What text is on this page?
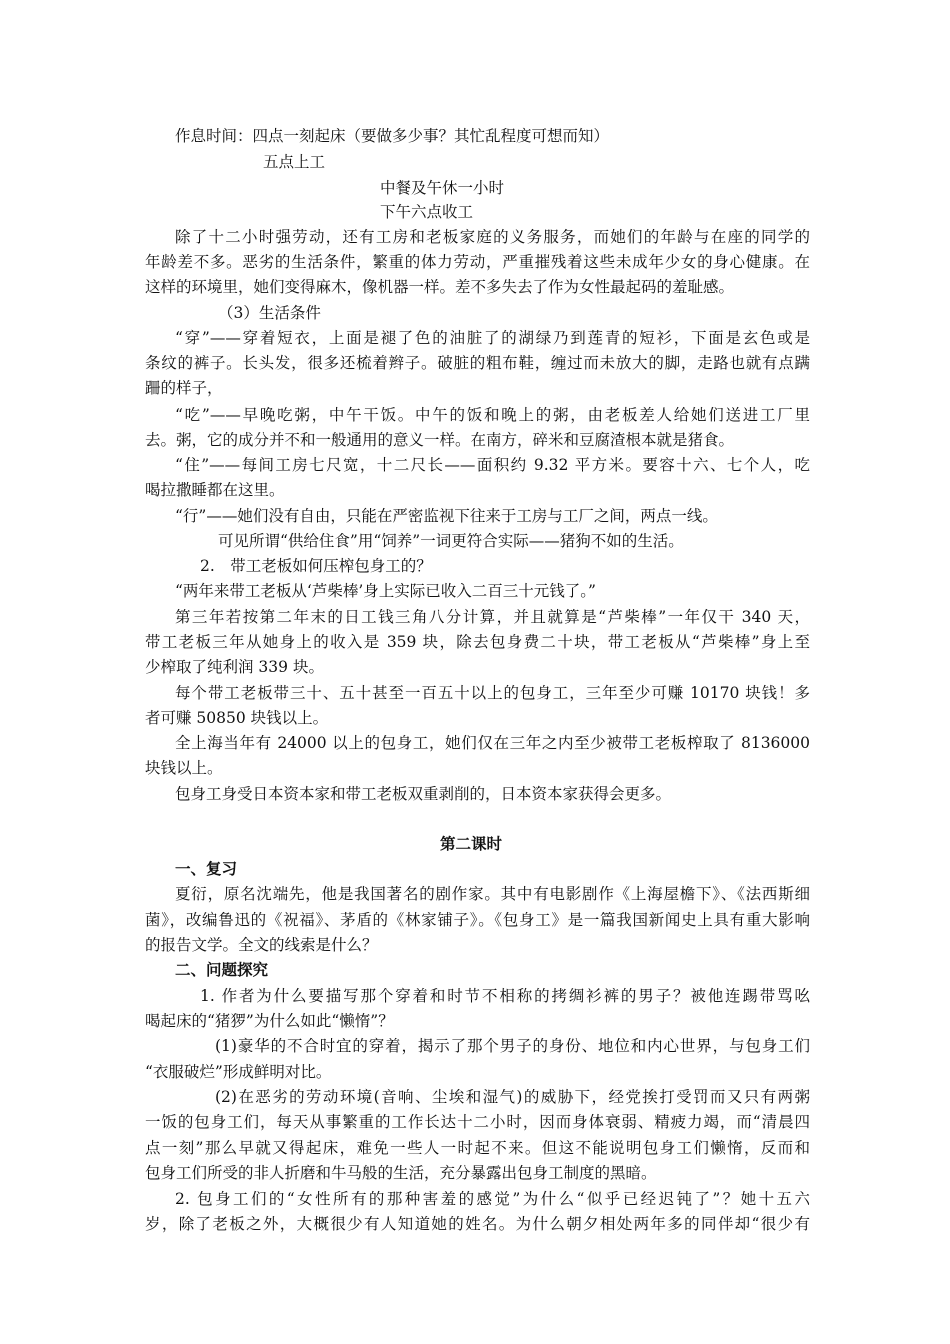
作息时间：四点一刻起床（要做多少事？其忙乱程度可想而知）
五点上工
中餐及午休一小时
下午六点收工
除了十二小时强劳动，还有工房和老板家庭的义务服务，而她们的年龄与在座的同学的
年龄差不多。恶劣的生活条件，繁重的体力劳动，严重摧残着这些未成年少女的身心健康。在
这样的环境里，她们变得麻木，像机器一样。差不多失去了作为女性最起码的羞耻感。
（3）生活条件
“穿”——穿着短衣，上面是褪了色的油脏了的湖绿乃到莲青的短衫，下面是玄色或是
条纹的裤子。长头发，很多还梳着辫子。破脏的粗布鞋，缠过而未放大的脚，走路也就有点蹒
跚的样子，
“吃”——早晚吃粥，中午干饭。中午的饭和晚上的粥，由老板差人给她们送进工厂里
去。粥，它的成分并不和一般通用的意义一样。在南方，碎米和豆腐渣根本就是猪食。
“住”——每间工房七尺宽，十二尺长——面积约 9.32 平方米。要容十六、七个人，吃
喝拉撒睡都在这里。
“行”——她们没有自由，只能在严密监视下往来于工房与工厂之间，两点一线。
可见所谓“供给住食”用“饲养”一词更符合实际——猪狗不如的生活。
2.　带工老板如何压榨包身工的？
“两年来带工老板从‘芦柴棒’身上实际已收入二百三十元钱了。”
第三年若按第二年末的日工钱三角八分计算，并且就算是“芦柴棒”一年仅干 340 天，
带工老板三年从她身上的收入是 359 块，除去包身费二十块，带工老板从“芦柴棒”身上至
少榨取了纯利润 339 块。
每个带工老板带三十、五十甚至一百五十以上的包身工，三年至少可赚 10170 块钱！多
者可赚 50850 块钱以上。
全上海当年有 24000 以上的包身工，她们仅在三年之内至少被带工老板榨取了 8136000
块钱以上。
包身工身受日本资本家和带工老板双重剥削的，日本资本家获得会更多。
第二课时
一、复习
夏衍，原名沈端先，他是我国著名的剧作家。其中有电影剧作《上海屋檐下》、《法西斯细
菌》，改编鲁迅的《祝福》、茅盾的《林家铺子》。《包身工》是一篇我国新闻史上具有重大影响
的报告文学。全文的线索是什么？
二、问题探究
1. 作者为什么要描写那个穿着和时节不相称的拷绸衫裤的男子？被他连踢带骂吆
喝起床的“猪猡”为什么如此“懒惰”？
(1)豪华的不合时宜的穿着，揭示了那个男子的身份、地位和内心世界，与包身工们
“衣服破烂”形成鲜明对比。
(2)在恶劣的劳动环境(音响、尘埃和湿气)的威胁下，经党挨打受罚而又只有两粥
一饭的包身工们，每天从事繁重的工作长达十二小时，因而身体衰弱、精疲力竭，而“清晨四
点一刻”那么早就又得起床，难免一些人一时起不来。但这不能说明包身工们懒惰，反而和
包身工们所受的非人折磨和牛马般的生活，充分暴露出包身工制度的黑暗。
2. 包身工们的“女性所有的那种害羞的感觉”为什么“似乎已经迟钝了”？她十五六
岁，除了老板之外，大概很少有人知道她的姓名。为什么朝夕相处两年多的同伴却“很少有
